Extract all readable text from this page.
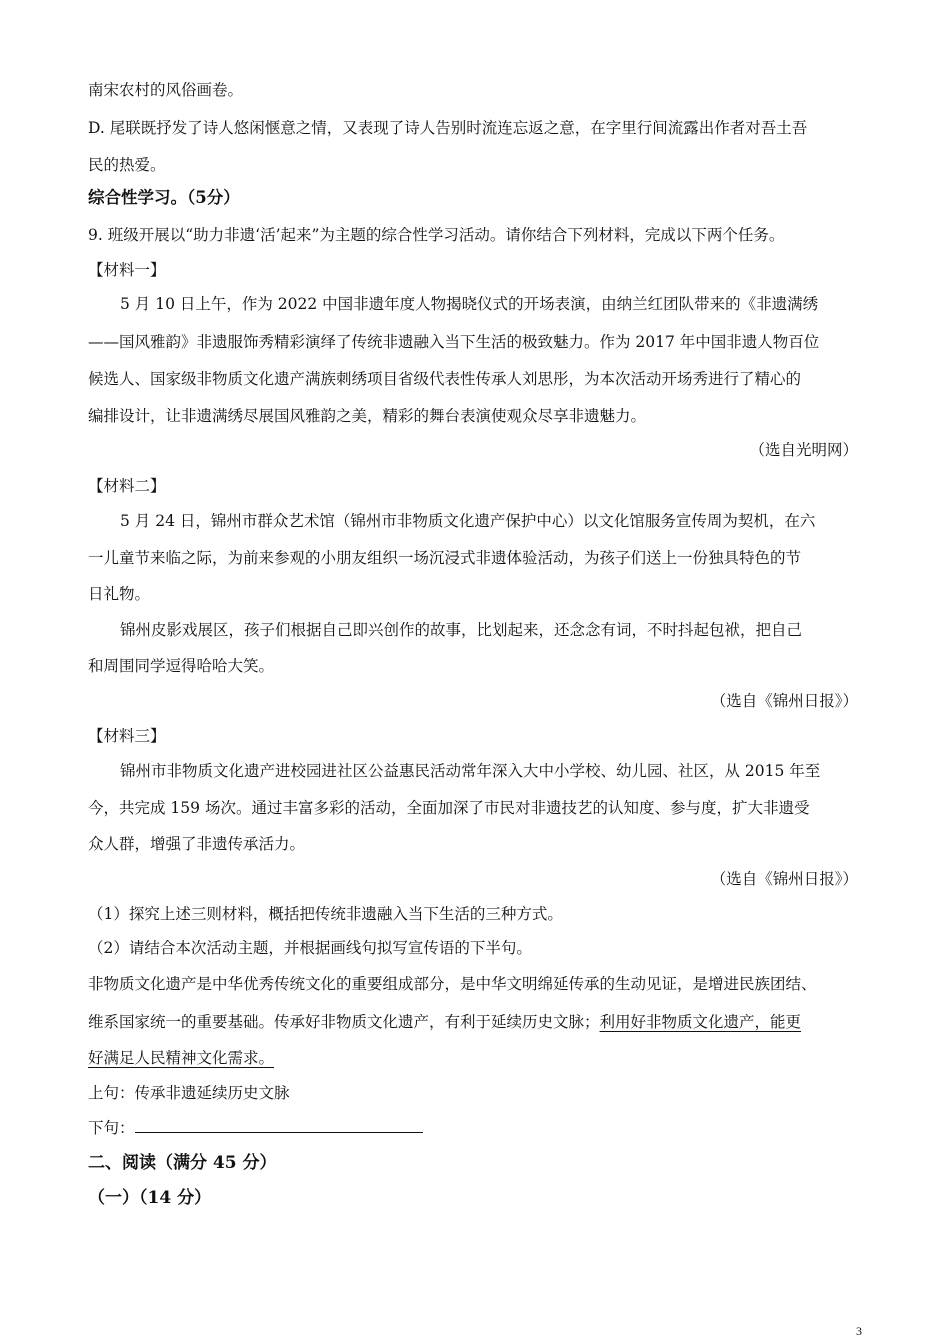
南宋农村的风俗画卷。
D. 尾联既抒发了诗人悠闲惬意之情，又表现了诗人告别时流连忘返之意，在字里行间流露出作者对吾土吾
民的热爱。
综合性学习。（5分）
9. 班级开展以“助力非遗‘活’起来”为主题的综合性学习活动。请你结合下列材料，完成以下两个任务。
【材料一】
5 月 10 日上午，作为 2022 中国非遗年度人物揭晓仪式的开场表演，由纳兰红团队带来的《非遗满绣
——国风雅韵》非遗服饰秀精彩演绎了传统非遗融入当下生活的极致魅力。作为 2017 年中国非遗人物百位
候选人、国家级非物质文化遗产满族刺绣项目省级代表性传承人刘思彤，为本次活动开场秀进行了精心的
编排设计，让非遗满绣尽展国风雅韵之美，精彩的舞台表演使观众尽享非遗魅力。
（选自光明网）
【材料二】
5 月 24 日，锦州市群众艺术馆（锦州市非物质文化遗产保护中心）以文化馆服务宣传周为契机，在六
一儿童节来临之际，为前来参观的小朋友组织一场沉浸式非遗体验活动，为孩子们送上一份独具特色的节
日礼物。
锦州皮影戏展区，孩子们根据自己即兴创作的故事，比划起来，还念念有词，不时抖起包袱，把自己
和周围同学逗得哈哈大笑。
（选自《锦州日报》）
【材料三】
锦州市非物质文化遗产进校园进社区公益惠民活动常年深入大中小学校、幼儿园、社区，从 2015 年至
今，共完成 159 场次。通过丰富多彩的活动，全面加深了市民对非遗技艺的认知度、参与度，扩大非遗受
众人群，增强了非遗传承活力。
（选自《锦州日报》）
（1）探究上述三则材料，概括把传统非遗融入当下生活的三种方式。
（2）请结合本次活动主题，并根据画线句拟写宣传语的下半句。
非物质文化遗产是中华优秀传统文化的重要组成部分，是中华文明绵延传承的生动见证，是增进民族团结、
维系国家统一的重要基础。传承好非物质文化遗产，有利于延续历史文脉；利用好非物质文化遗产，能更
好满足人民精神文化需求。
上句：传承非遗延续历史文脉
下句：
二、阅读（满分 45 分）
（一）（14 分）
3
